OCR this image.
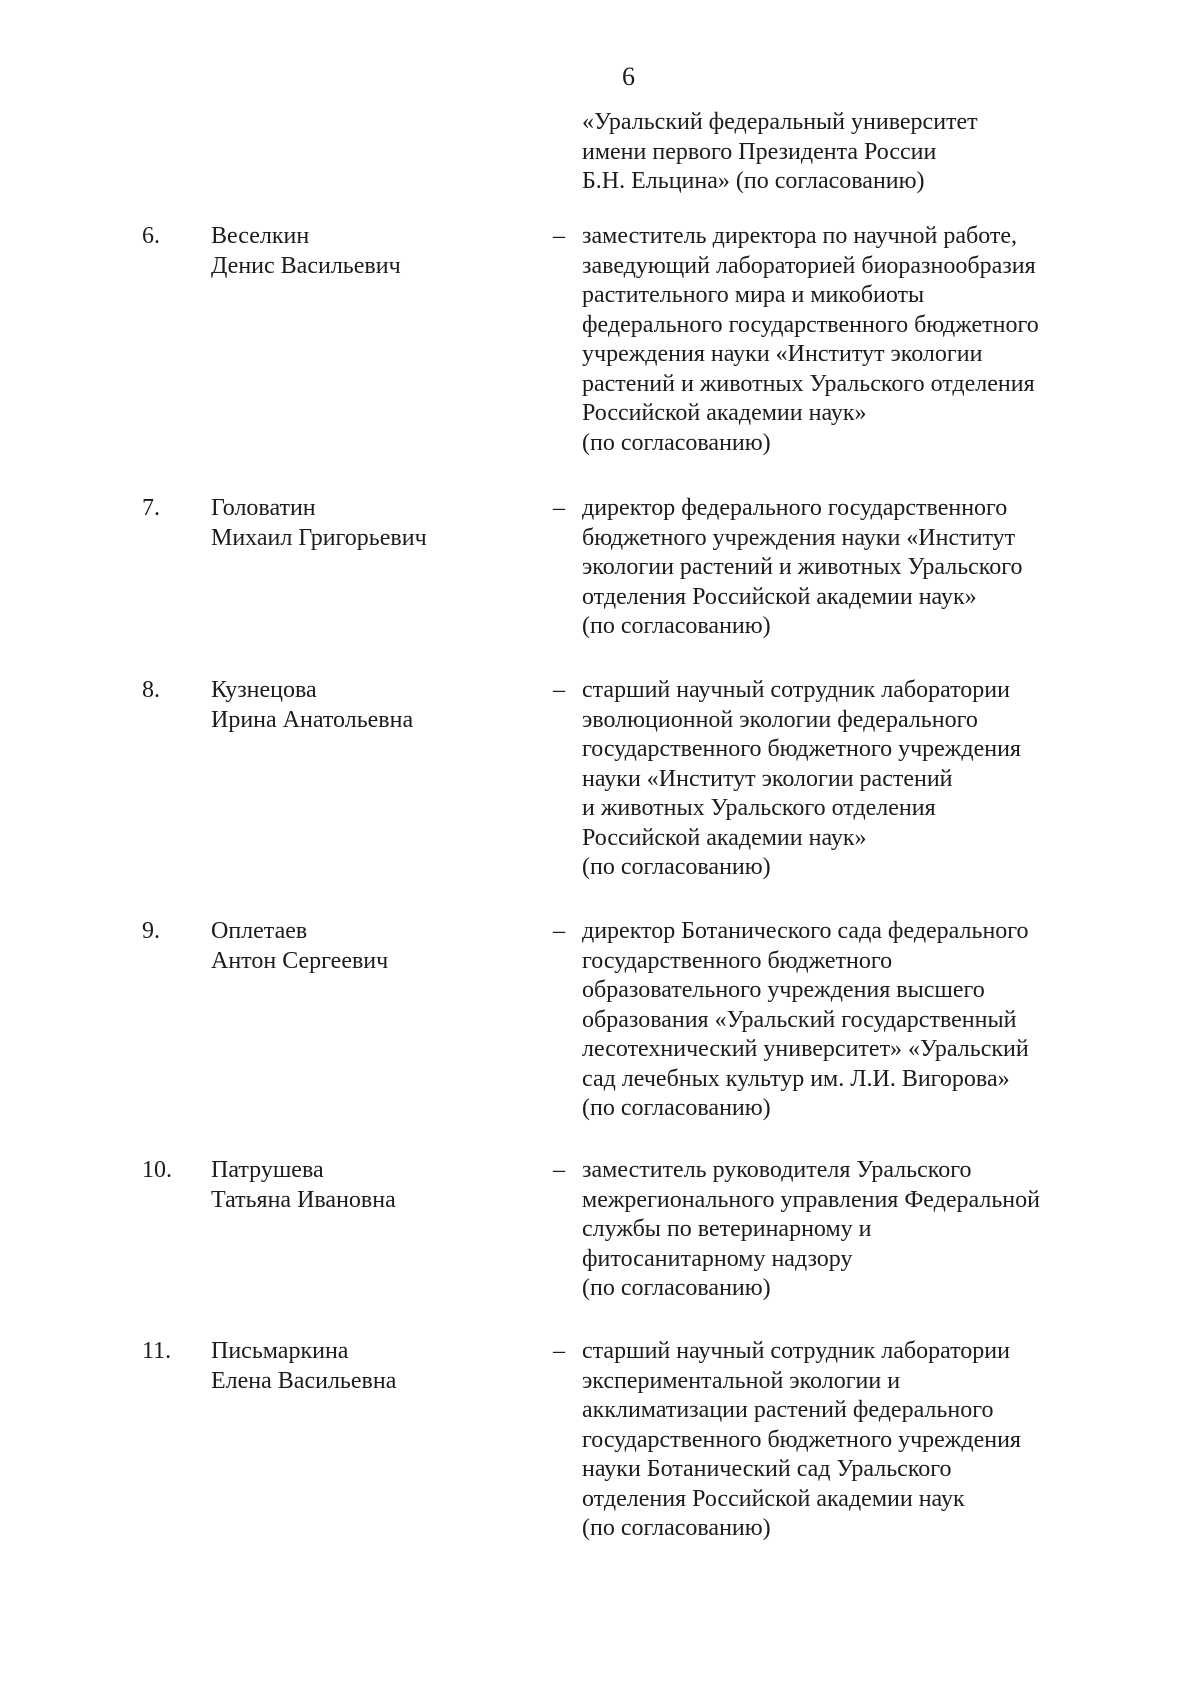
6
«Уральский федеральный университет
имени первого Президента России
Б.Н. Ельцина» (по согласованию)
6. Веселкин
Денис Васильевич
– заместитель директора по научной работе,
заведующий лабораторией биоразнообразия
растительного мира и микобиоты
федерального государственного бюджетного
учреждения науки «Институт экологии
растений и животных Уральского отделения
Российской академии наук»
(по согласованию)
7. Головатин
Михаил Григорьевич
– директор федерального государственного
бюджетного учреждения науки «Институт
экологии растений и животных Уральского
отделения Российской академии наук»
(по согласованию)
8. Кузнецова
Ирина Анатольевна
– старший научный сотрудник лаборатории
эволюционной экологии федерального
государственного бюджетного учреждения
науки «Институт экологии растений
и животных Уральского отделения
Российской академии наук»
(по согласованию)
9. Оплетаев
Антон Сергеевич
– директор Ботанического сада федерального
государственного бюджетного
образовательного учреждения высшего
образования «Уральский государственный
лесотехнический университет» «Уральский
сад лечебных культур им. Л.И. Вигорова»
(по согласованию)
10. Патрушева
Татьяна Ивановна
– заместитель руководителя Уральского
межрегионального управления Федеральной
службы по ветеринарному и
фитосанитарному надзору
(по согласованию)
11. Письмаркина
Елена Васильевна
– старший научный сотрудник лаборатории
экспериментальной экологии и
акклиматизации растений федерального
государственного бюджетного учреждения
науки Ботанический сад Уральского
отделения Российской академии наук
(по согласованию)
